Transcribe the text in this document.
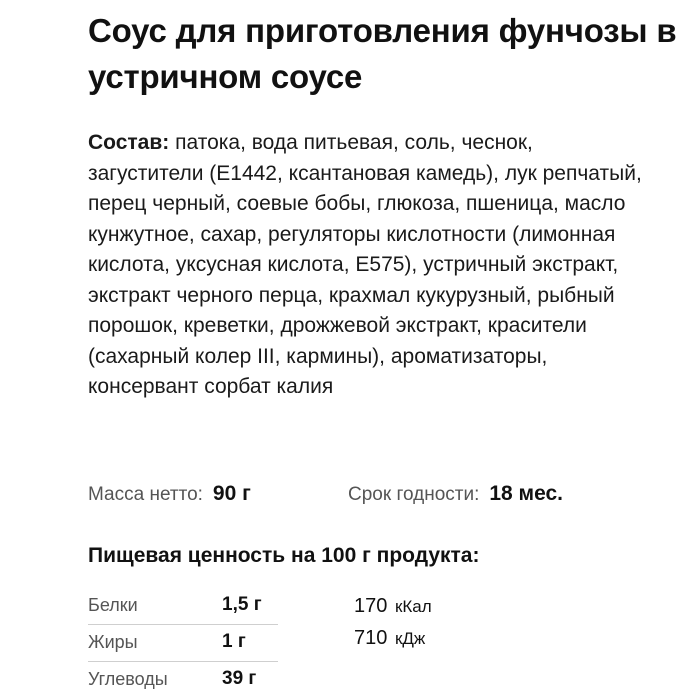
Соус для приготовления фунчозы в устричном соусе
Состав: патока, вода питьевая, соль, чеснок, загустители (Е1442, ксантановая камедь), лук репчатый, перец черный, соевые бобы, глюкоза, пшеница, масло кунжутное, сахар, регуляторы кислотности (лимонная кислота, уксусная кислота, Е575), устричный экстракт, экстракт черного перца, крахмал кукурузный, рыбный порошок, креветки, дрожжевой экстракт, красители (сахарный колер III, кармины), ароматизаторы, консервант сорбат калия
Масса нетто: 90 г	Срок годности: 18 мес.
Пищевая ценность на 100 г продукта:
Белки	1,5 г
Жиры	1 г
Углеводы	39 г
170 кКал
710 кДж
